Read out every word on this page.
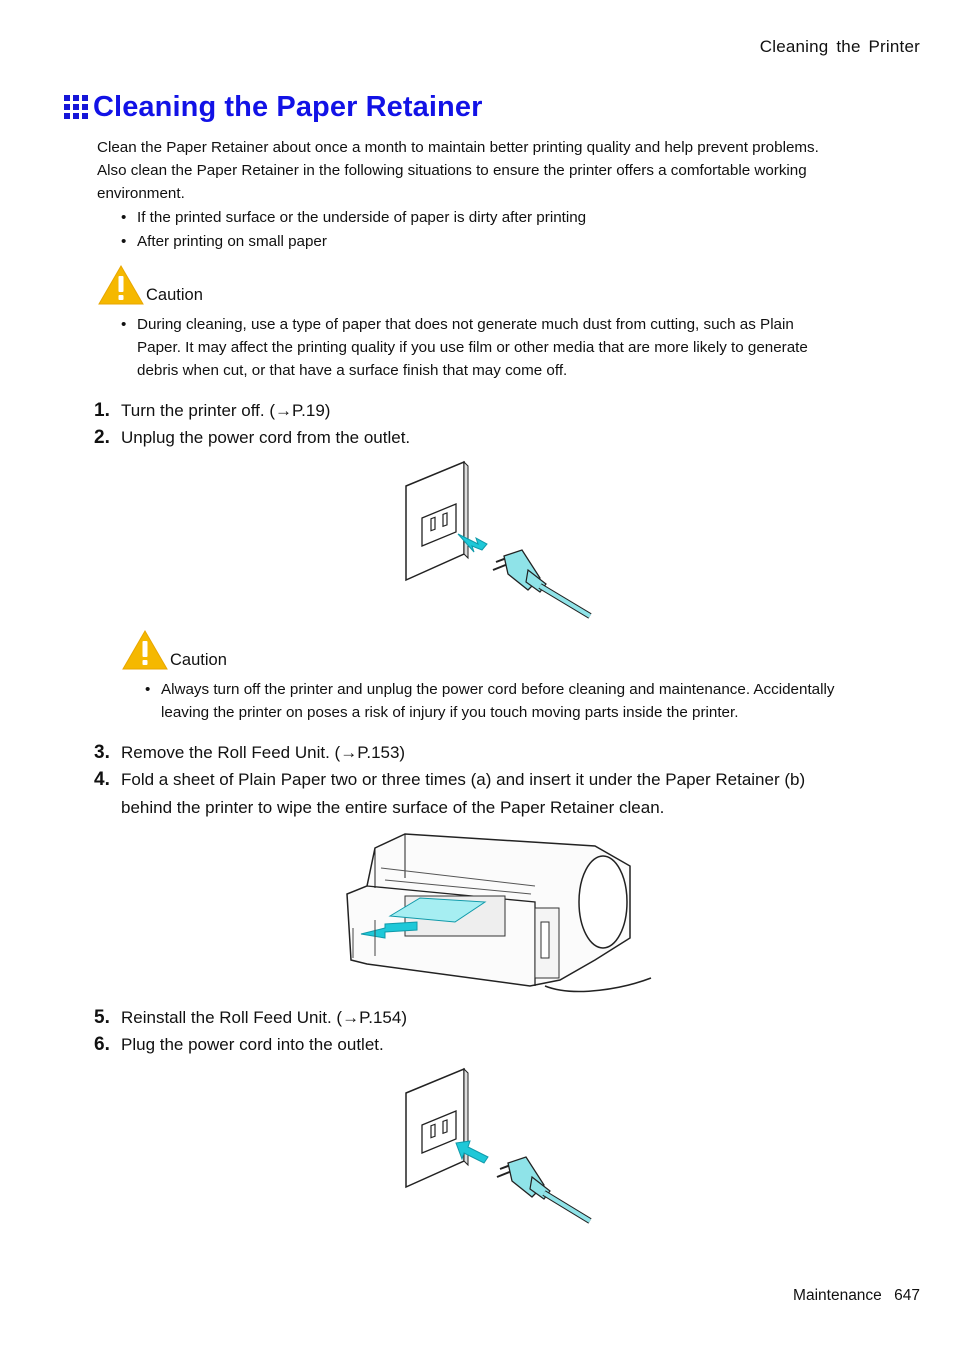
Cleaning the Printer
Cleaning the Paper Retainer
Clean the Paper Retainer about once a month to maintain better printing quality and help prevent problems.
Also clean the Paper Retainer in the following situations to ensure the printer offers a comfortable working
environment.
• If the printed surface or the underside of paper is dirty after printing
• After printing on small paper
Caution
• During cleaning, use a type of paper that does not generate much dust from cutting, such as Plain
Paper. It may affect the printing quality if you use film or other media that are more likely to generate
debris when cut, or that have a surface finish that may come off.
1. Turn the printer off. (→P.19)
2. Unplug the power cord from the outlet.
Caution
• Always turn off the printer and unplug the power cord before cleaning and maintenance. Accidentally
leaving the printer on poses a risk of injury if you touch moving parts inside the printer.
3. Remove the Roll Feed Unit. (→P.153)
4. Fold a sheet of Plain Paper two or three times (a) and insert it under the Paper Retainer (b)
behind the printer to wipe the entire surface of the Paper Retainer clean.
5. Reinstall the Roll Feed Unit. (→P.154)
6. Plug the power cord into the outlet.
Maintenance 647
